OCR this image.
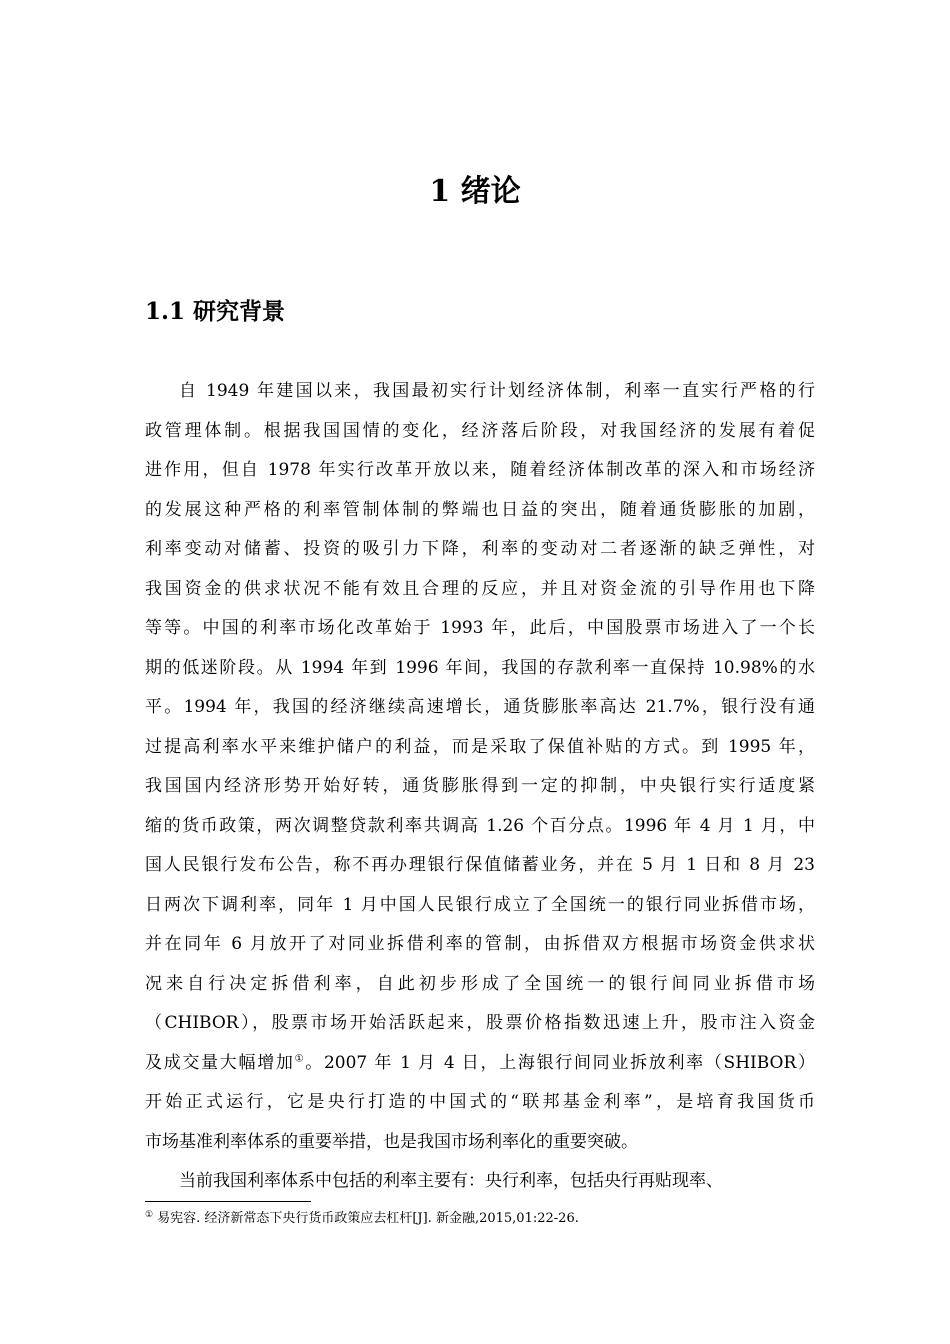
1 绪论
1.1 研究背景
自 1949 年建国以来，我国最初实行计划经济体制，利率一直实行严格的行
政管理体制。根据我国国情的变化，经济落后阶段，对我国经济的发展有着促
进作用，但自 1978 年实行改革开放以来，随着经济体制改革的深入和市场经济
的发展这种严格的利率管制体制的弊端也日益的突出，随着通货膨胀的加剧，
利率变动对储蓄、投资的吸引力下降，利率的变动对二者逐渐的缺乏弹性，对
我国资金的供求状况不能有效且合理的反应，并且对资金流的引导作用也下降
等等。中国的利率市场化改革始于 1993 年，此后，中国股票市场进入了一个长
期的低迷阶段。从 1994 年到 1996 年间，我国的存款利率一直保持 10.98%的水
平。1994 年，我国的经济继续高速增长，通货膨胀率高达 21.7%，银行没有通
过提高利率水平来维护储户的利益，而是采取了保值补贴的方式。到 1995 年，
我国国内经济形势开始好转，通货膨胀得到一定的抑制，中央银行实行适度紧
缩的货币政策，两次调整贷款利率共调高 1.26 个百分点。1996 年 4 月 1 月，中
国人民银行发布公告，称不再办理银行保值储蓄业务，并在 5 月 1 日和 8 月 23
日两次下调利率，同年 1 月中国人民银行成立了全国统一的银行同业拆借市场，
并在同年 6 月放开了对同业拆借利率的管制，由拆借双方根据市场资金供求状
况来自行决定拆借利率，自此初步形成了全国统一的银行间同业拆借市场
（CHIBOR），股票市场开始活跃起来，股票价格指数迅速上升，股市注入资金
及成交量大幅增加①。2007 年 1 月 4 日，上海银行间同业拆放利率（SHIBOR）
开始正式运行，它是央行打造的中国式的“联邦基金利率”，是培育我国货币
市场基准利率体系的重要举措，也是我国市场利率化的重要突破。
当前我国利率体系中包括的利率主要有：央行利率，包括央行再贴现率、
① 易宪容. 经济新常态下央行货币政策应去杠杆[J]. 新金融,2015,01:22-26.
